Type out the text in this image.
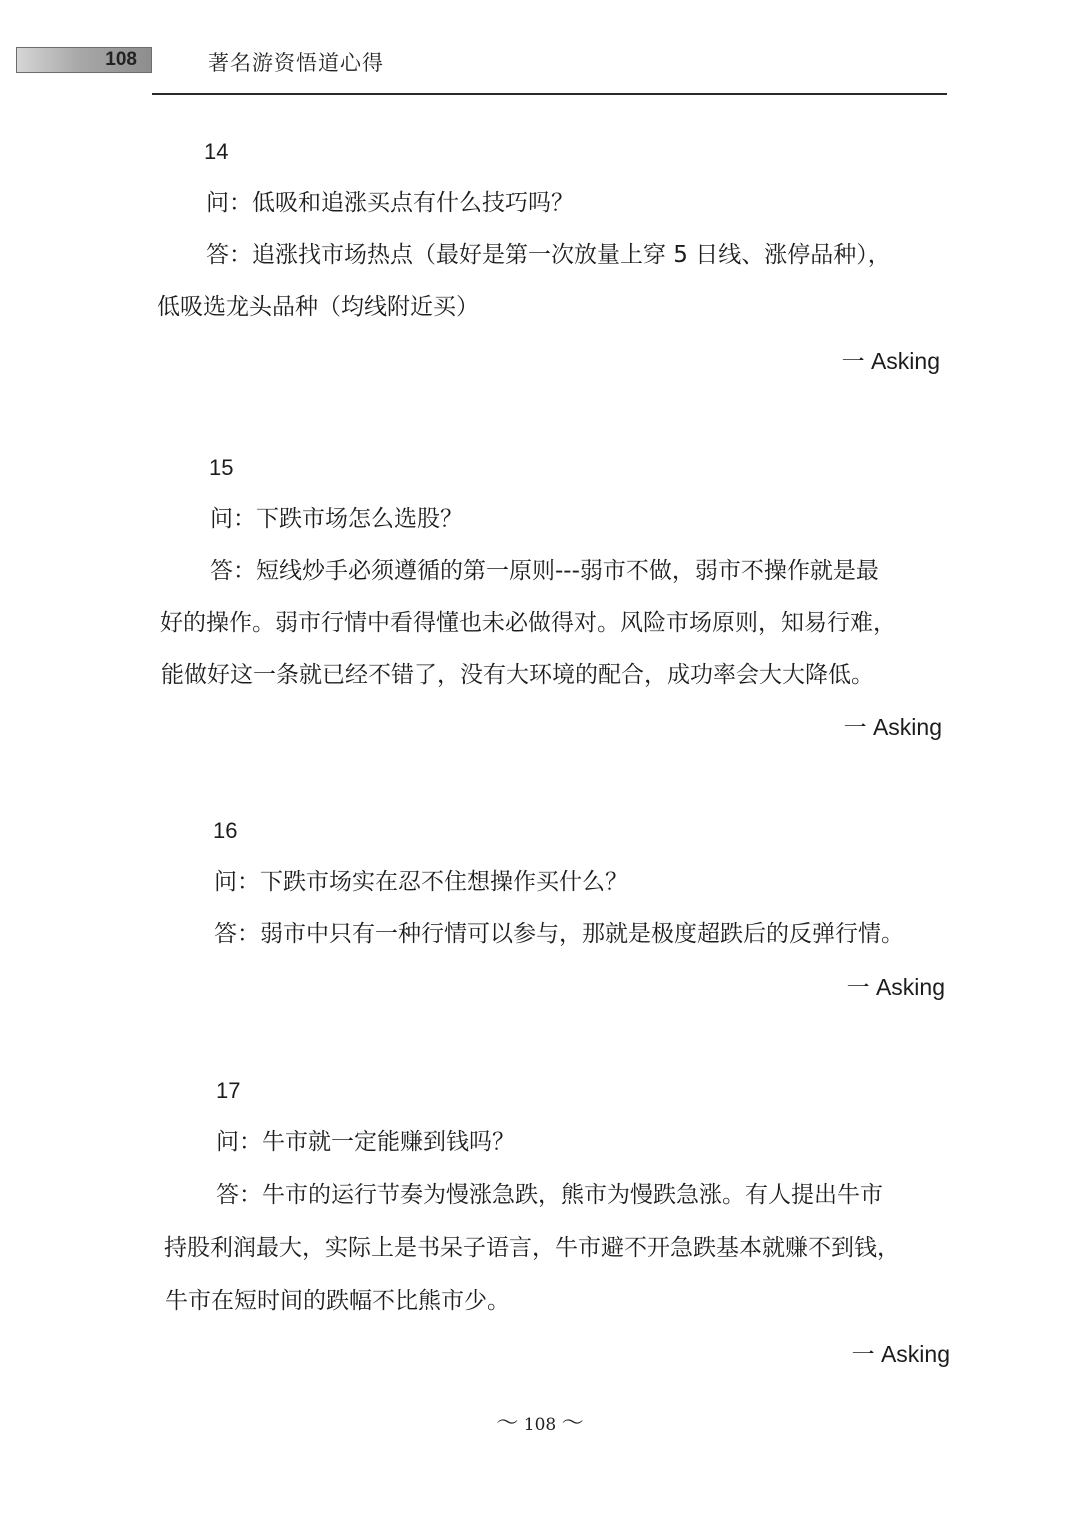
108	著名游资悟道心得
14
问：低吸和追涨买点有什么技巧吗？
答：追涨找市场热点（最好是第一次放量上穿 5 日线、涨停品种），
低吸选龙头品种（均线附近买）
一 Asking
15
问：下跌市场怎么选股？
答：短线炒手必须遵循的第一原则---弱市不做，弱市不操作就是最
好的操作。弱市行情中看得懂也未必做得对。风险市场原则，知易行难，
能做好这一条就已经不错了，没有大环境的配合，成功率会大大降低。
一 Asking
16
问：下跌市场实在忍不住想操作买什么？
答：弱市中只有一种行情可以参与，那就是极度超跌后的反弹行情。
一 Asking
17
问：牛市就一定能赚到钱吗？
答：牛市的运行节奏为慢涨急跌，熊市为慢跌急涨。有人提出牛市
持股利润最大，实际上是书呆子语言，牛市避不开急跌基本就赚不到钱，
牛市在短时间的跌幅不比熊市少。
一 Asking
～ 108 ～
